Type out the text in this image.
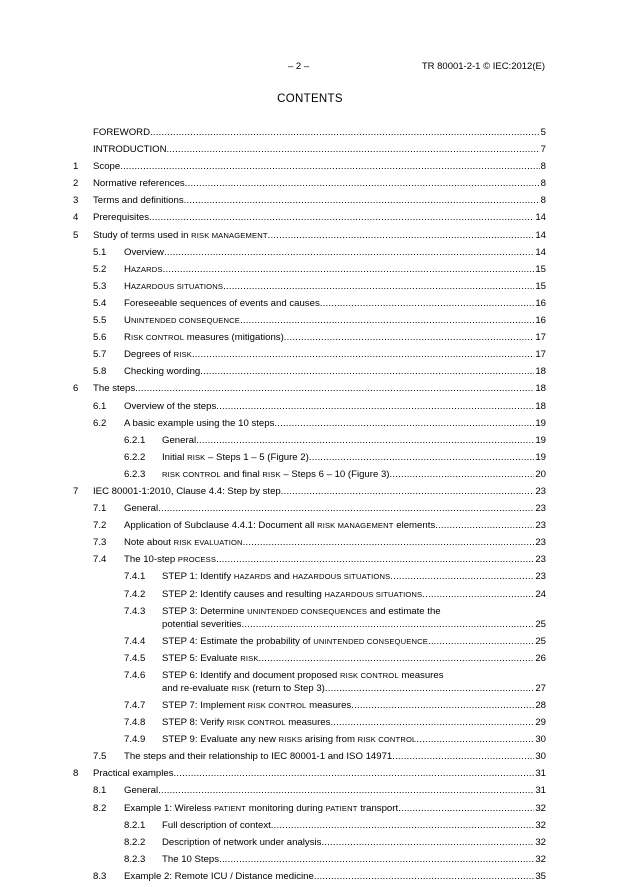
– 2 –	TR 80001-2-1 © IEC:2012(E)
CONTENTS
FOREWORD .....	5
INTRODUCTION .....	7
1	Scope .....	8
2	Normative references .....	8
3	Terms and definitions .....	8
4	Prerequisites .....	14
5	Study of terms used in RISK MANAGEMENT .....	14
5.1	Overview .....	14
5.2	HAZARDS .....	15
5.3	HAZARDOUS SITUATIONS .....	15
5.4	Foreseeable sequences of events and causes .....	16
5.5	UNINTENDED CONSEQUENCE .....	16
5.6	RISK CONTROL measures (mitigations) .....	17
5.7	Degrees of RISK .....	17
5.8	Checking wording .....	18
6	The steps .....	18
6.1	Overview of the steps .....	18
6.2	A basic example using the 10 steps .....	19
6.2.1	General .....	19
6.2.2	Initial RISK – Steps 1 – 5 (Figure 2) .....	19
6.2.3	RISK CONTROL and final RISK – Steps 6 – 10 (Figure 3) .....	20
7	IEC 80001-1:2010, Clause 4.4: Step by step .....	23
7.1	General .....	23
7.2	Application of Subclause 4.4.1: Document all RISK MANAGEMENT elements .....	23
7.3	Note about RISK EVALUATION .....	23
7.4	The 10-step PROCESS .....	23
7.4.1	STEP 1: Identify HAZARDS and HAZARDOUS SITUATIONS .....	23
7.4.2	STEP 2: Identify causes and resulting HAZARDOUS SITUATIONS .....	24
7.4.3	STEP 3: Determine UNINTENDED CONSEQUENCES and estimate the
potential severities .....	25
7.4.4	STEP 4: Estimate the probability of UNINTENDED CONSEQUENCE .....	25
7.4.5	STEP 5: Evaluate RISK .....	26
7.4.6	STEP 6: Identify and document proposed RISK CONTROL measures
and re-evaluate RISK (return to Step 3) .....	27
7.4.7	STEP 7: Implement RISK CONTROL measures .....	28
7.4.8	STEP 8: Verify RISK CONTROL measures .....	29
7.4.9	STEP 9: Evaluate any new RISKS arising from RISK CONTROL .....	30
7.5	The steps and their relationship to IEC 80001-1 and ISO 14971 .....	30
8	Practical examples .....	31
8.1	General .....	31
8.2	Example 1: Wireless PATIENT monitoring during PATIENT transport .....	32
8.2.1	Full description of context .....	32
8.2.2	Description of network under analysis .....	32
8.2.3	The 10 Steps .....	32
8.3	Example 2: Remote ICU / Distance medicine .....	35
